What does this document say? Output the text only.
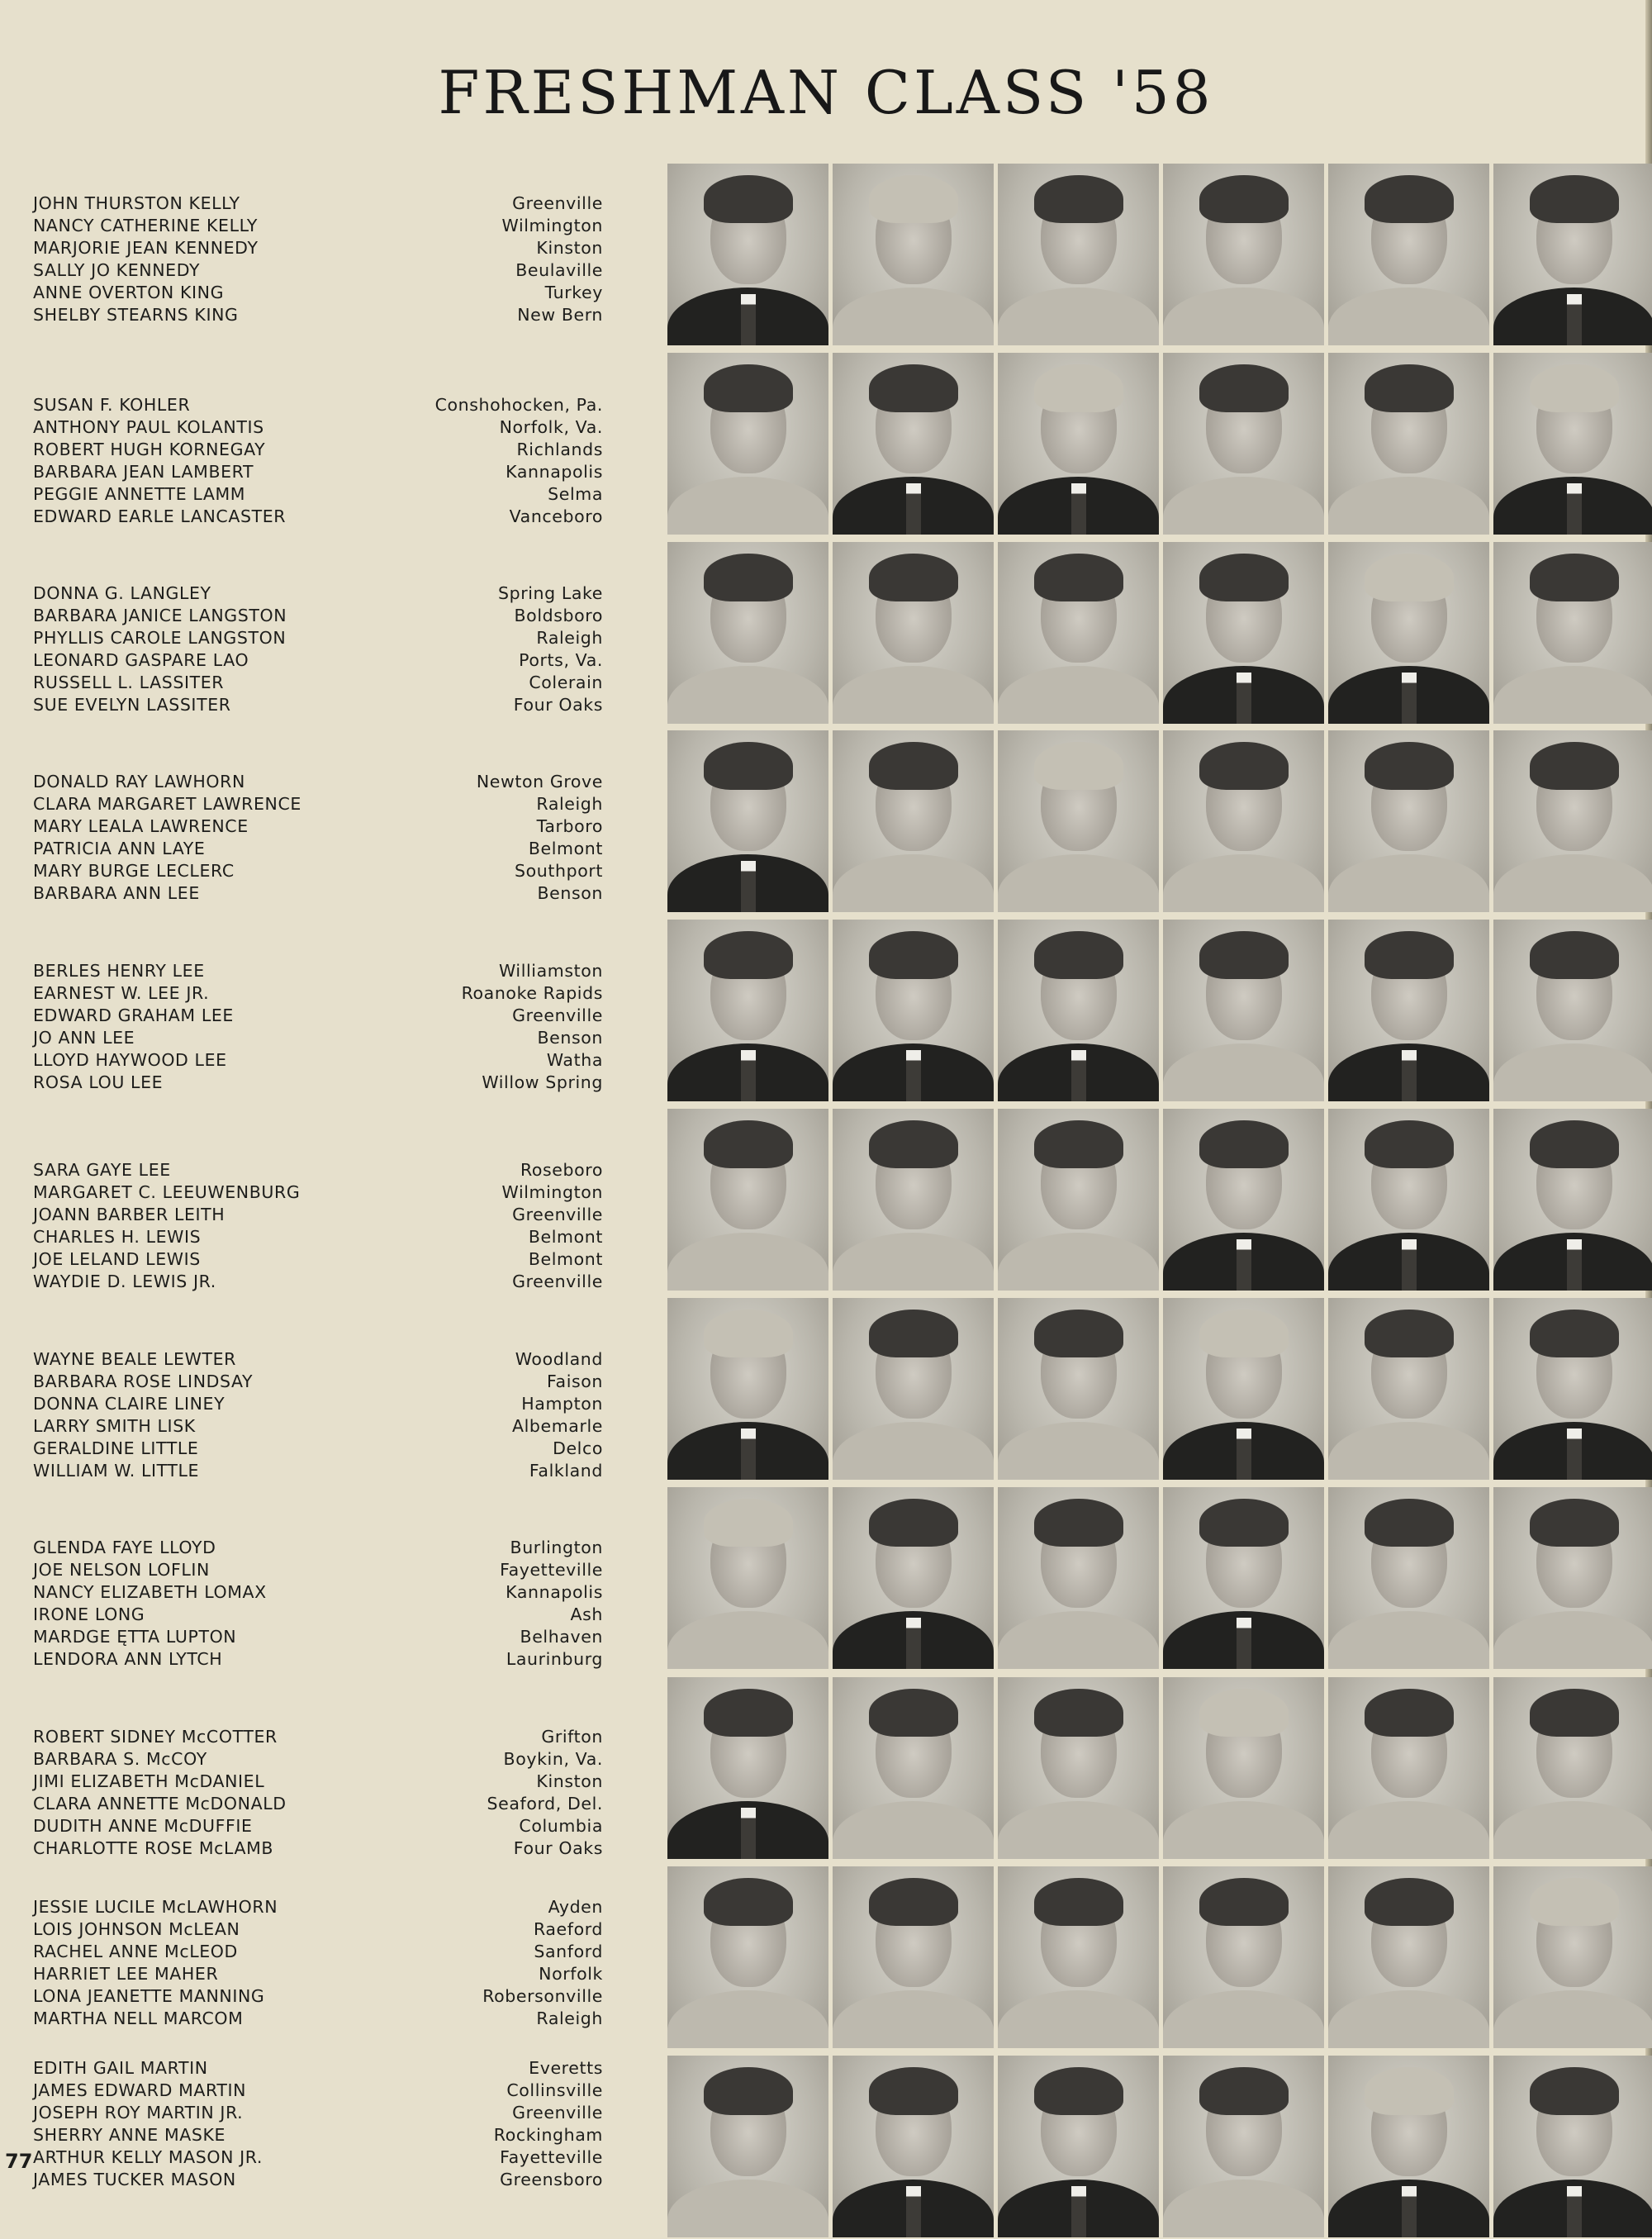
FRESHMAN CLASS '58
JOHN THURSTON KELLY
NANCY CATHERINE KELLY
MARJORIE JEAN KENNEDY
SALLY JO KENNEDY
ANNE OVERTON KING
SHELBY STEARNS KING
Greenville
Wilmington
Kinston
Beulaville
Turkey
New Bern
SUSAN F. KOHLER
ANTHONY PAUL KOLANTIS
ROBERT HUGH KORNEGAY
BARBARA JEAN LAMBERT
PEGGIE ANNETTE LAMM
EDWARD EARLE LANCASTER
Conshohocken, Pa.
Norfolk, Va.
Richlands
Kannapolis
Selma
Vanceboro
DONNA G. LANGLEY
BARBARA JANICE LANGSTON
PHYLLIS CAROLE LANGSTON
LEONARD GASPARE LAO
RUSSELL L. LASSITER
SUE EVELYN LASSITER
Spring Lake
Boldsboro
Raleigh
Ports, Va.
Colerain
Four Oaks
DONALD RAY LAWHORN
CLARA MARGARET LAWRENCE
MARY LEALA LAWRENCE
PATRICIA ANN LAYE
MARY BURGE LECLERC
BARBARA ANN LEE
Newton Grove
Raleigh
Tarboro
Belmont
Southport
Benson
BERLES HENRY LEE
EARNEST W. LEE JR.
EDWARD GRAHAM LEE
JO ANN LEE
LLOYD HAYWOOD LEE
ROSA LOU LEE
Williamston
Roanoke Rapids
Greenville
Benson
Watha
Willow Spring
SARA GAYE LEE
MARGARET C. LEEUWENBURG
JOANN BARBER LEITH
CHARLES H. LEWIS
JOE LELAND LEWIS
WAYDIE D. LEWIS JR.
Roseboro
Wilmington
Greenville
Belmont
Belmont
Greenville
WAYNE BEALE LEWTER
BARBARA ROSE LINDSAY
DONNA CLAIRE LINEY
LARRY SMITH LISK
GERALDINE LITTLE
WILLIAM W. LITTLE
Woodland
Faison
Hampton
Albemarle
Delco
Falkland
GLENDA FAYE LLOYD
JOE NELSON LOFLIN
NANCY ELIZABETH LOMAX
IRONE LONG
MARDGE ĘTTA LUPTON
LENDORA ANN LYTCH
Burlington
Fayetteville
Kannapolis
Ash
Belhaven
Laurinburg
ROBERT SIDNEY McCOTTER
BARBARA S. McCOY
JIMI ELIZABETH McDANIEL
CLARA ANNETTE McDONALD
DUDITH ANNE McDUFFIE
CHARLOTTE ROSE McLAMB
Grifton
Boykin, Va.
Kinston
Seaford, Del.
Columbia
Four Oaks
JESSIE LUCILE McLAWHORN
LOIS JOHNSON McLEAN
RACHEL ANNE McLEOD
HARRIET LEE MAHER
LONA JEANETTE MANNING
MARTHA NELL MARCOM
Ayden
Raeford
Sanford
Norfolk
Robersonville
Raleigh
EDITH GAIL MARTIN
JAMES EDWARD MARTIN
JOSEPH ROY MARTIN JR.
SHERRY ANNE MASKE
ARTHUR KELLY MASON JR.
JAMES TUCKER MASON
Everetts
Collinsville
Greenville
Rockingham
Fayetteville
Greensboro
77
